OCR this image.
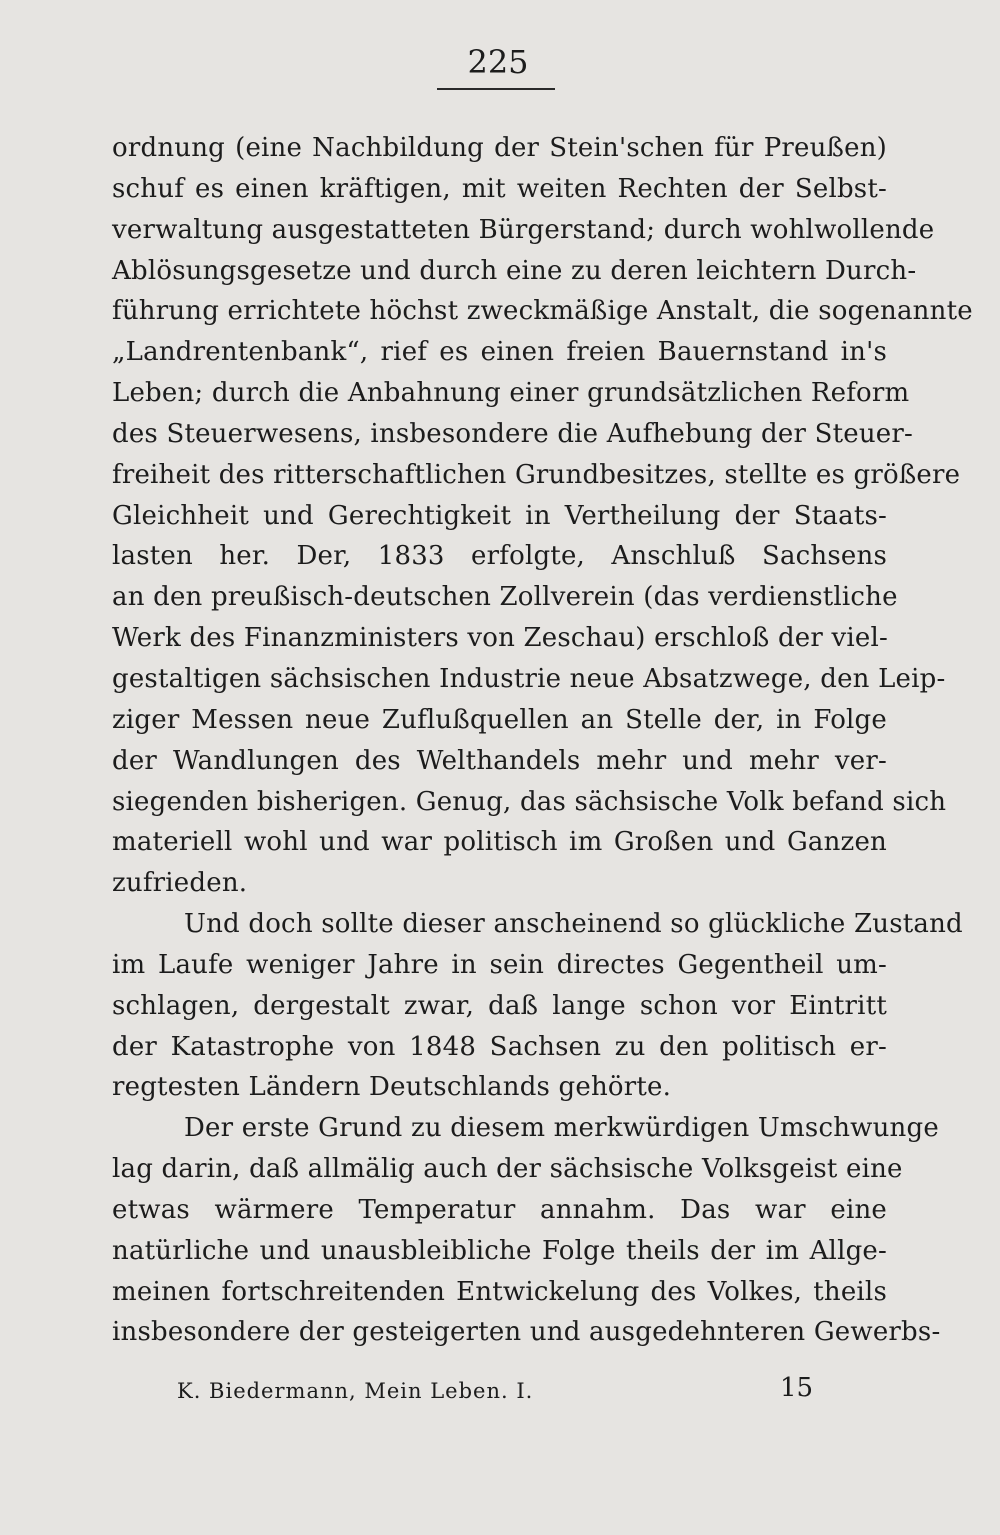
225
ordnung (eine Nachbildung der Stein'schen für Preußen)
schuf es einen kräftigen, mit weiten Rechten der Selbst-
verwaltung ausgestatteten Bürgerstand; durch wohlwollende
Ablösungsgesetze und durch eine zu deren leichtern Durch-
führung errichtete höchst zweckmäßige Anstalt, die sogenannte
„Landrentenbank“, rief es einen freien Bauernstand in's
Leben; durch die Anbahnung einer grundsätzlichen Reform
des Steuerwesens, insbesondere die Aufhebung der Steuer-
freiheit des ritterschaftlichen Grundbesitzes, stellte es größere
Gleichheit und Gerechtigkeit in Vertheilung der Staats-
lasten her. Der, 1833 erfolgte, Anschluß Sachsens
an den preußisch-deutschen Zollverein (das verdienstliche
Werk des Finanzministers von Zeschau) erschloß der viel-
gestaltigen sächsischen Industrie neue Absatzwege, den Leip-
ziger Messen neue Zuflußquellen an Stelle der, in Folge
der Wandlungen des Welthandels mehr und mehr ver-
siegenden bisherigen. Genug, das sächsische Volk befand sich
materiell wohl und war politisch im Großen und Ganzen
zufrieden.
Und doch sollte dieser anscheinend so glückliche Zustand
im Laufe weniger Jahre in sein directes Gegentheil um-
schlagen, dergestalt zwar, daß lange schon vor Eintritt
der Katastrophe von 1848 Sachsen zu den politisch er-
regtesten Ländern Deutschlands gehörte.
Der erste Grund zu diesem merkwürdigen Umschwunge
lag darin, daß allmälig auch der sächsische Volksgeist eine
etwas wärmere Temperatur annahm. Das war eine
natürliche und unausbleibliche Folge theils der im Allge-
meinen fortschreitenden Entwickelung des Volkes, theils
insbesondere der gesteigerten und ausgedehnteren Gewerbs-
K. Biedermann, Mein Leben. I.	15
